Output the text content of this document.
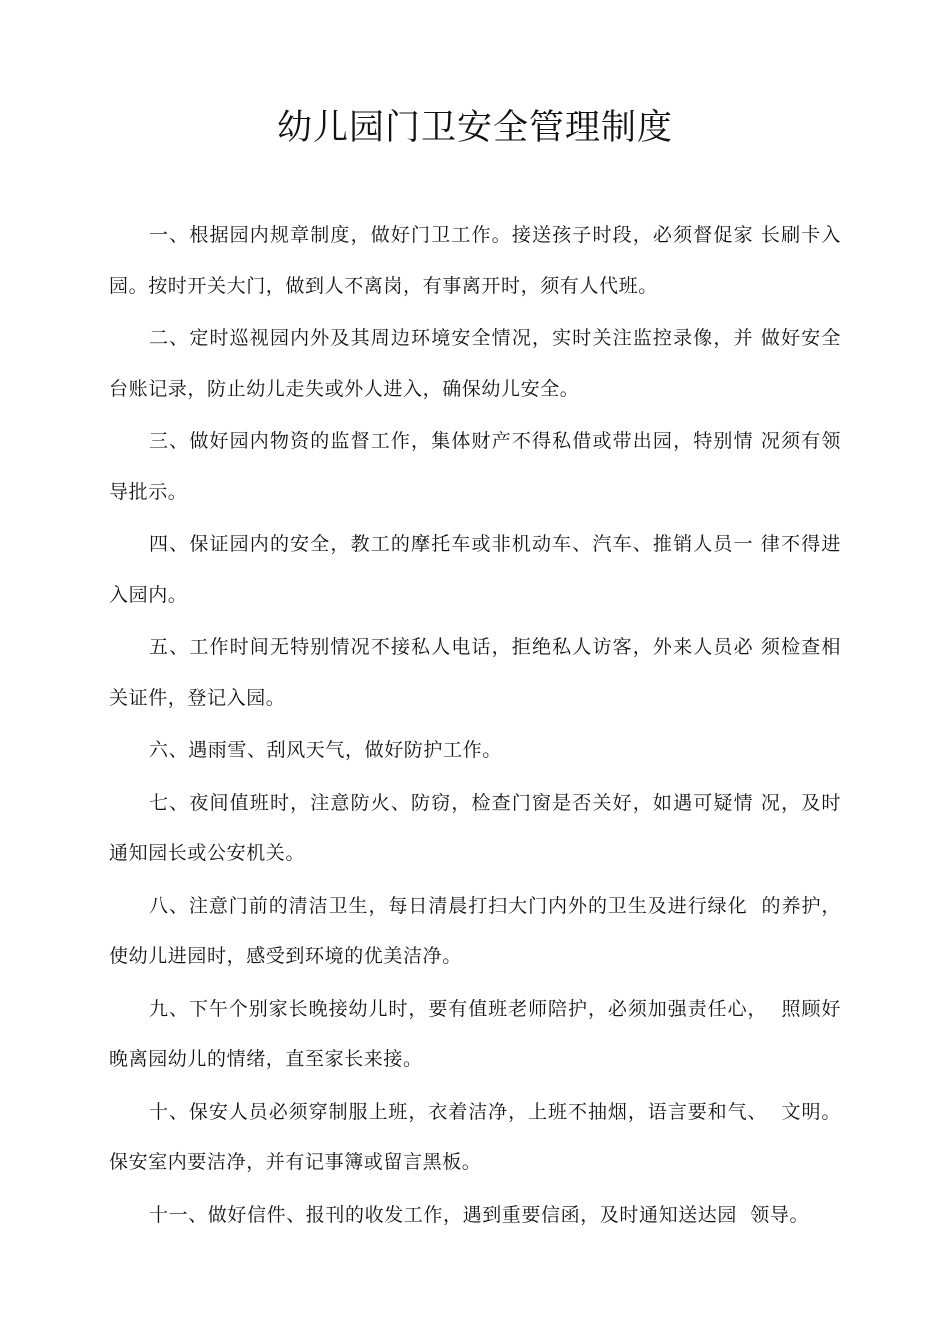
幼儿园门卫安全管理制度

一、根据园内规章制度，做好门卫工作。接送孩子时段，必须督促家 长刷卡入园。按时开关大门，做到人不离岗，有事离开时，须有人代班。

二、定时巡视园内外及其周边环境安全情况，实时关注监控录像，并 做好安全台账记录，防止幼儿走失或外人进入，确保幼儿安全。

三、做好园内物资的监督工作，集体财产不得私借或带出园，特别情 况须有领导批示。

四、保证园内的安全，教工的摩托车或非机动车、汽车、推销人员一 律不得进入园内。

五、工作时间无特别情况不接私人电话，拒绝私人访客，外来人员必 须检查相关证件，登记入园。

六、遇雨雪、刮风天气，做好防护工作。

七、夜间值班时，注意防火、防窃，检查门窗是否关好，如遇可疑情 况，及时通知园长或公安机关。

八、注意门前的清洁卫生，每日清晨打扫大门内外的卫生及进行绿化  的养护，使幼儿进园时，感受到环境的优美洁净。

九、下午个别家长晚接幼儿时，要有值班老师陪护，必须加强责任心，  照顾好晚离园幼儿的情绪，直至家长来接。

十、保安人员必须穿制服上班，衣着洁净，上班不抽烟，语言要和气、  文明。保安室内要洁净，并有记事簿或留言黑板。

十一、做好信件、报刊的收发工作，遇到重要信函，及时通知送达园  领导。
